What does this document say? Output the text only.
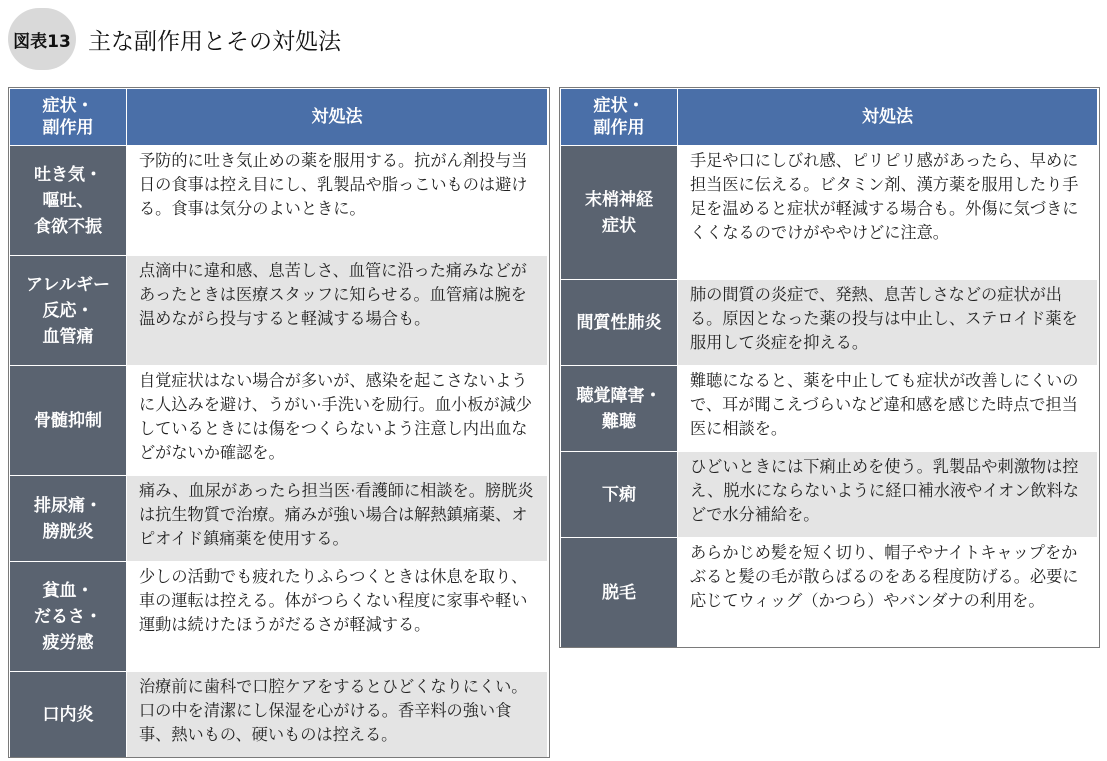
図表13 主な副作用とその対処法
症状・
副作用	対処法
吐き気・
嘔吐、
食欲不振	予防的に吐き気止めの薬を服用する。抗がん剤投与当日の食事は控え目にし、乳製品や脂っこいものは避ける。食事は気分のよいときに。
アレルギー
反応・
血管痛	点滴中に違和感、息苦しさ、血管に沿った痛みなどがあったときは医療スタッフに知らせる。血管痛は腕を温めながら投与すると軽減する場合も。
骨髄抑制	自覚症状はない場合が多いが、感染を起こさないように人込みを避け、うがい·手洗いを励行。血小板が減少しているときには傷をつくらないよう注意し内出血などがないか確認を。
排尿痛・
膀胱炎	痛み、血尿があったら担当医·看護師に相談を。膀胱炎は抗生物質で治療。痛みが強い場合は解熱鎮痛薬、オピオイド鎮痛薬を使用する。
貧血・
だるさ・
疲労感	少しの活動でも疲れたりふらつくときは休息を取り、車の運転は控える。体がつらくない程度に家事や軽い運動は続けたほうがだるさが軽減する。
口内炎	治療前に歯科で口腔ケアをするとひどくなりにくい。口の中を清潔にし保湿を心がける。香辛料の強い食事、熱いもの、硬いものは控える。
症状・
副作用	対処法
末梢神経
症状	手足や口にしびれ感、ピリピリ感があったら、早めに担当医に伝える。ビタミン剤、漢方薬を服用したり手足を温めると症状が軽減する場合も。外傷に気づきにくくなるのでけがややけどに注意。
間質性肺炎	肺の間質の炎症で、発熱、息苦しさなどの症状が出る。原因となった薬の投与は中止し、ステロイド薬を服用して炎症を抑える。
聴覚障害・
難聴	難聴になると、薬を中止しても症状が改善しにくいので、耳が聞こえづらいなど違和感を感じた時点で担当医に相談を。
下痢	ひどいときには下痢止めを使う。乳製品や刺激物は控え、脱水にならないように経口補水液やイオン飲料などで水分補給を。
脱毛	あらかじめ髪を短く切り、帽子やナイトキャップをかぶると髪の毛が散らばるのをある程度防げる。必要に応じてウィッグ（かつら）やバンダナの利用を。
